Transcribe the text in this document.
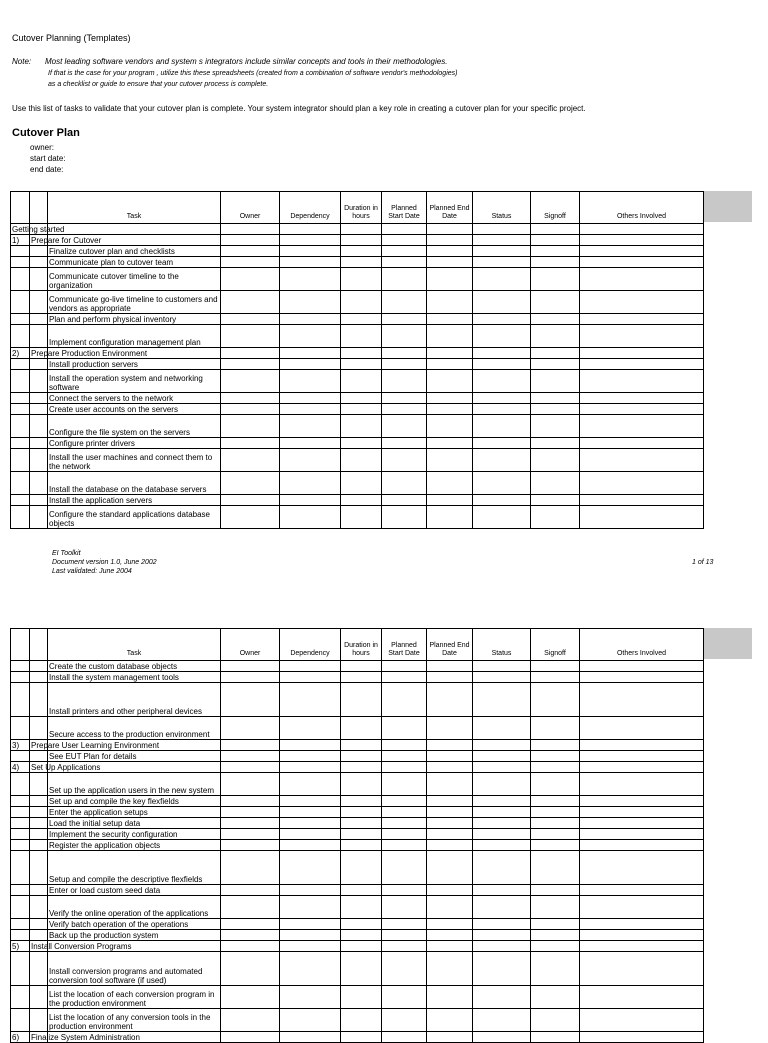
Cutover Planning (Templates)
Note: Most leading software vendors and system s integrators include similar concepts and tools in their methodologies.
If that is the case for your program , utilize this these spreadsheets (created from a combination of software vendor's methodologies)
as a checklist or guide to ensure that your cutover process is complete.
Use this list of tasks to validate that your cutover plan is complete. Your system integrator should plan a key role in creating a cutover plan for your specific project.
Cutover Plan
owner:
start date:
end date:
		Task	Owner	Dependency	Duration in hours	Planned Start Date	Planned End Date	Status	Signoff	Others Involved

Getting started										

1)	Prepare for Cutover									

		Finalize cutover plan and checklists								
		Communicate plan to cutover team								
		Communicate cutover timeline to the organization								
		Communicate go-live timeline to customers and vendors as appropriate								
		Plan and perform physical inventory								
		Implement configuration management plan								
2)	Prepare Production Environment									

		Install production servers								
		Install the operation system and networking software								
		Connect the servers to the network								
		Create user accounts on the servers								
		Configure the file system on the servers								
		Configure printer drivers								
		Install the user machines and connect them to the network								
		Install the database on the database servers								
		Install the application servers								
		Configure the standard applications database objects								
EI Toolkit
Document version 1.0, June 2002
Last validated: June 2004
1 of 13
		Task	Owner	Dependency	Duration in hours	Planned Start Date	Planned End Date	Status	Signoff	Others Involved
		Create the custom database objects								
		Install the system management tools								
		Install printers and other peripheral devices								
		Secure access to the production environment								
3)	Prepare User Learning Environment									

		See EUT Plan for details								
4)	Set Up Applications									

		Set up the application users in the new system								
		Set up and compile the key flexfields								
		Enter the application setups								
		Load the initial setup data								
		Implement the security configuration								
		Register the application objects								
		Setup and compile the descriptive flexfields								
		Enter or load custom seed data								
		Verify the online operation of the applications								
		Verify batch operation of the operations								
		Back up the production system								
5)	Install Conversion Programs									

		Install conversion programs and automated conversion tool software (if used)								
		List the location of each conversion program in the production environment								
		List the location of any conversion tools in the production environment								
6)	Finalize System Administration									
